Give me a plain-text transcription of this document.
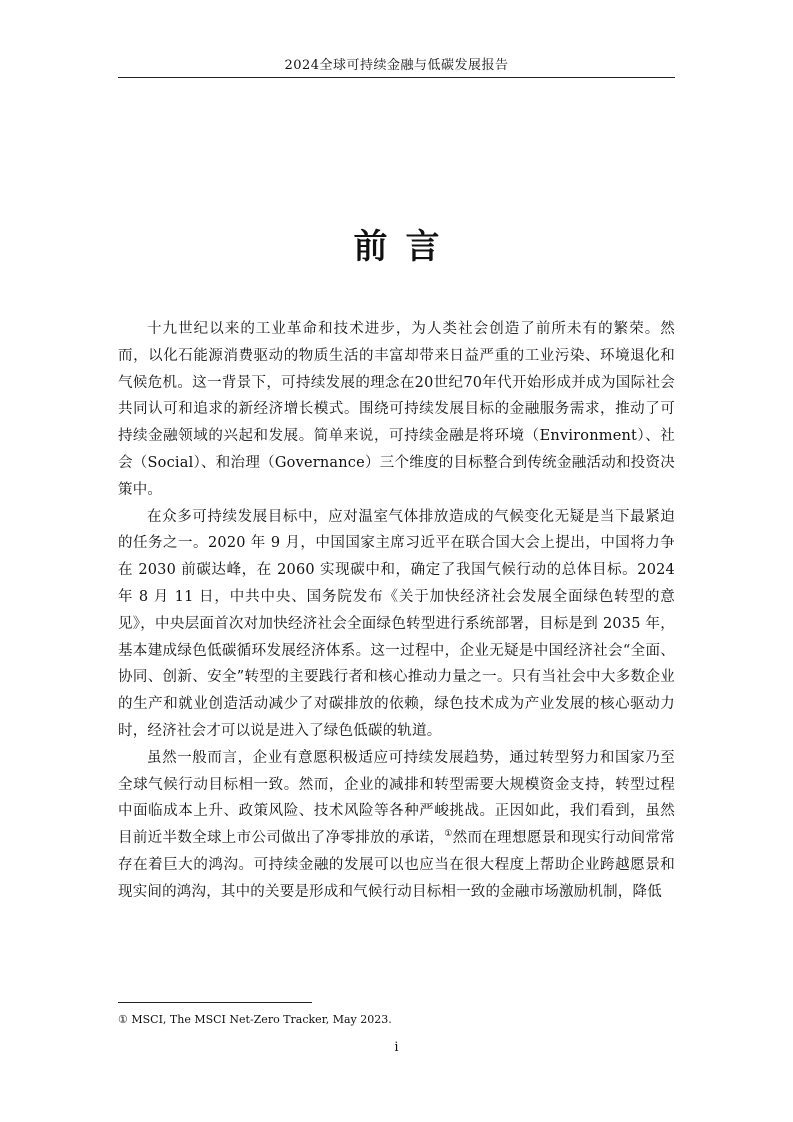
2024全球可持续金融与低碳发展报告
前言

十九世纪以来的工业革命和技术进步，为人类社会创造了前所未有的繁荣。然而，以化石能源消费驱动的物质生活的丰富却带来日益严重的工业污染、环境退化和气候危机。这一背景下，可持续发展的理念在20世纪70年代开始形成并成为国际社会共同认可和追求的新经济增长模式。围绕可持续发展目标的金融服务需求，推动了可持续金融领域的兴起和发展。简单来说，可持续金融是将环境（Environment）、社会（Social）、和治理（Governance）三个维度的目标整合到传统金融活动和投资决策中。

在众多可持续发展目标中，应对温室气体排放造成的气候变化无疑是当下最紧迫的任务之一。2020 年 9 月，中国国家主席习近平在联合国大会上提出，中国将力争在 2030 前碳达峰，在 2060 实现碳中和，确定了我国气候行动的总体目标。2024 年 8 月 11 日，中共中央、国务院发布《关于加快经济社会发展全面绿色转型的意见》，中央层面首次对加快经济社会全面绿色转型进行系统部署，目标是到 2035 年，基本建成绿色低碳循环发展经济体系。这一过程中，企业无疑是中国经济社会“全面、协同、创新、安全”转型的主要践行者和核心推动力量之一。只有当社会中大多数企业的生产和就业创造活动减少了对碳排放的依赖，绿色技术成为产业发展的核心驱动力时，经济社会才可以说是进入了绿色低碳的轨道。

虽然一般而言，企业有意愿积极适应可持续发展趋势，通过转型努力和国家乃至全球气候行动目标相一致。然而，企业的减排和转型需要大规模资金支持，转型过程中面临成本上升、政策风险、技术风险等各种严峻挑战。正因如此，我们看到，虽然目前近半数全球上市公司做出了净零排放的承诺，①然而在理想愿景和现实行动间常常存在着巨大的鸿沟。可持续金融的发展可以也应当在很大程度上帮助企业跨越愿景和现实间的鸿沟，其中的关要是形成和气候行动目标相一致的金融市场激励机制，降低

① MSCI, The MSCI Net-Zero Tracker, May 2023.
i
